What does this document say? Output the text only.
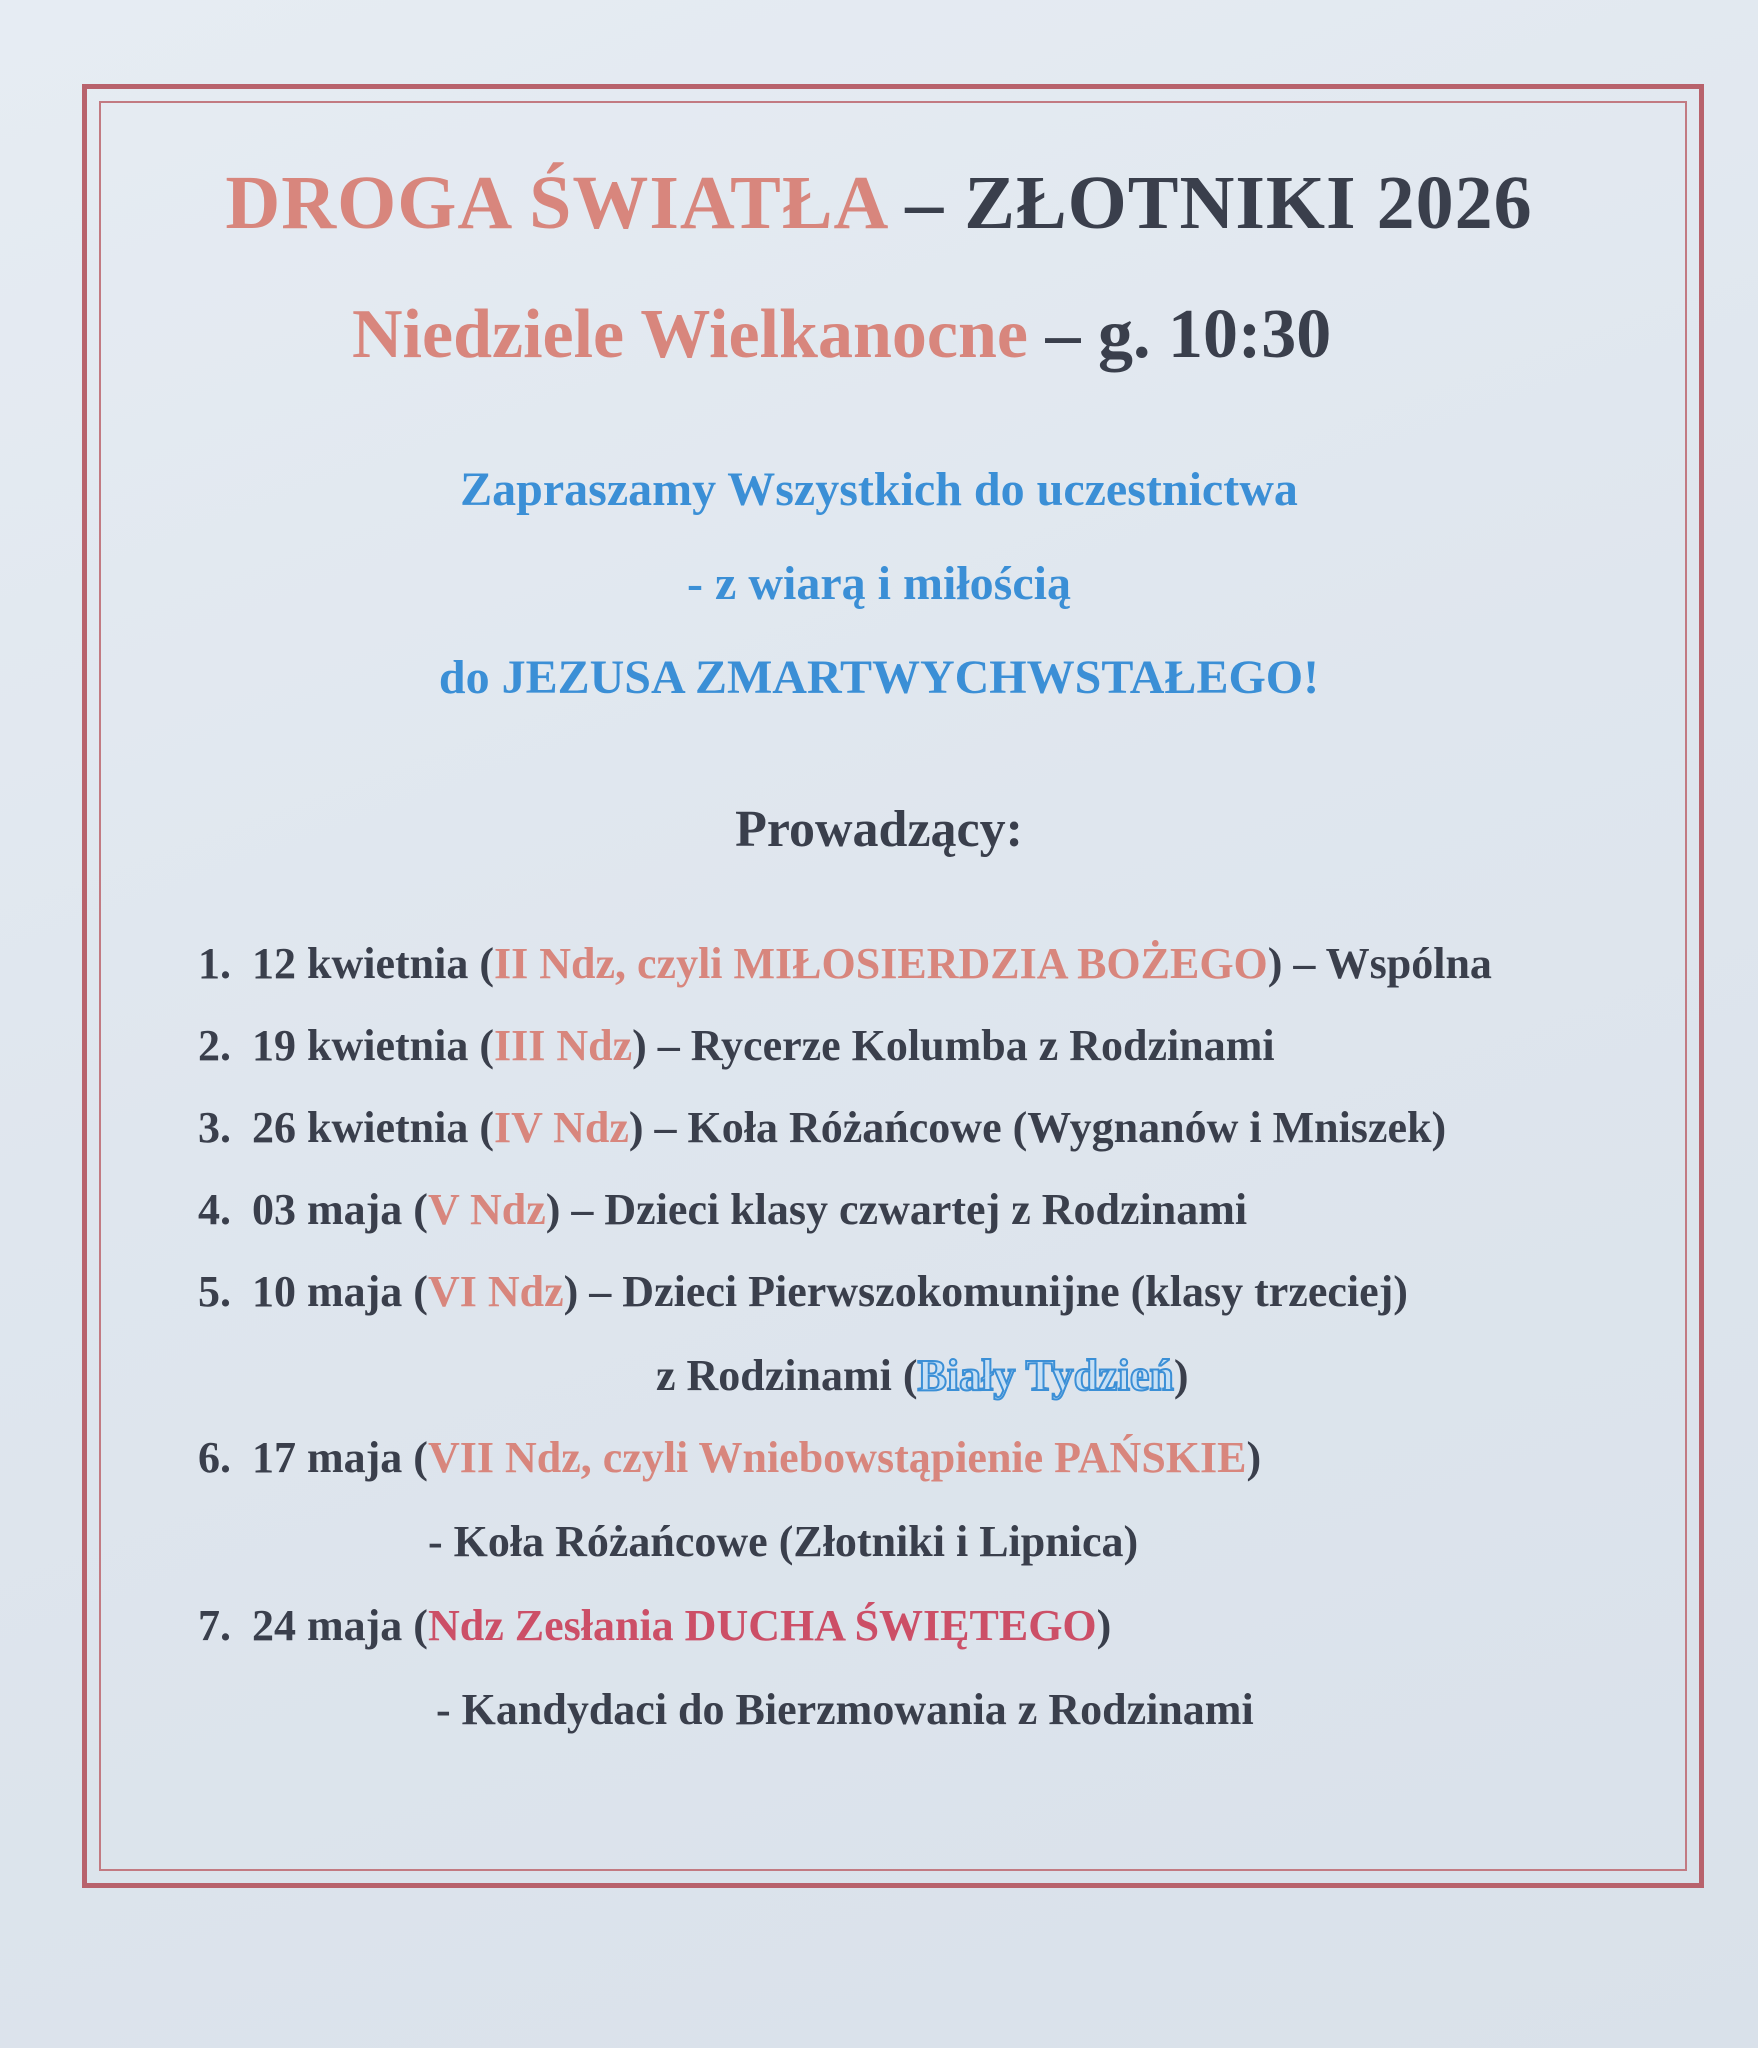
DROGA ŚWIATŁA – ZŁOTNIKI 2026
Niedziele Wielkanocne – g. 10:30
Zapraszamy Wszystkich do uczestnictwa
- z wiarą i miłością
do JEZUSA ZMARTWYCHWSTAŁEGO!
Prowadzący:
1. 12 kwietnia (II Ndz, czyli MIŁOSIERDZIA BOŻEGO) – Wspólna
2. 19 kwietnia (III Ndz) – Rycerze Kolumba z Rodzinami
3. 26 kwietnia (IV Ndz) – Koła Różańcowe (Wygnanów i Mniszek)
4. 03 maja (V Ndz) – Dzieci klasy czwartej z Rodzinami
5. 10 maja (VI Ndz) – Dzieci Pierwszokomunijne (klasy trzeciej)
z Rodzinami (Biały Tydzień)
6. 17 maja (VII Ndz, czyli Wniebowstąpienie PAŃSKIE)
- Koła Różańcowe (Złotniki i Lipnica)
7. 24 maja (Ndz Zesłania DUCHA ŚWIĘTEGO)
- Kandydaci do Bierzmowania z Rodzinami
